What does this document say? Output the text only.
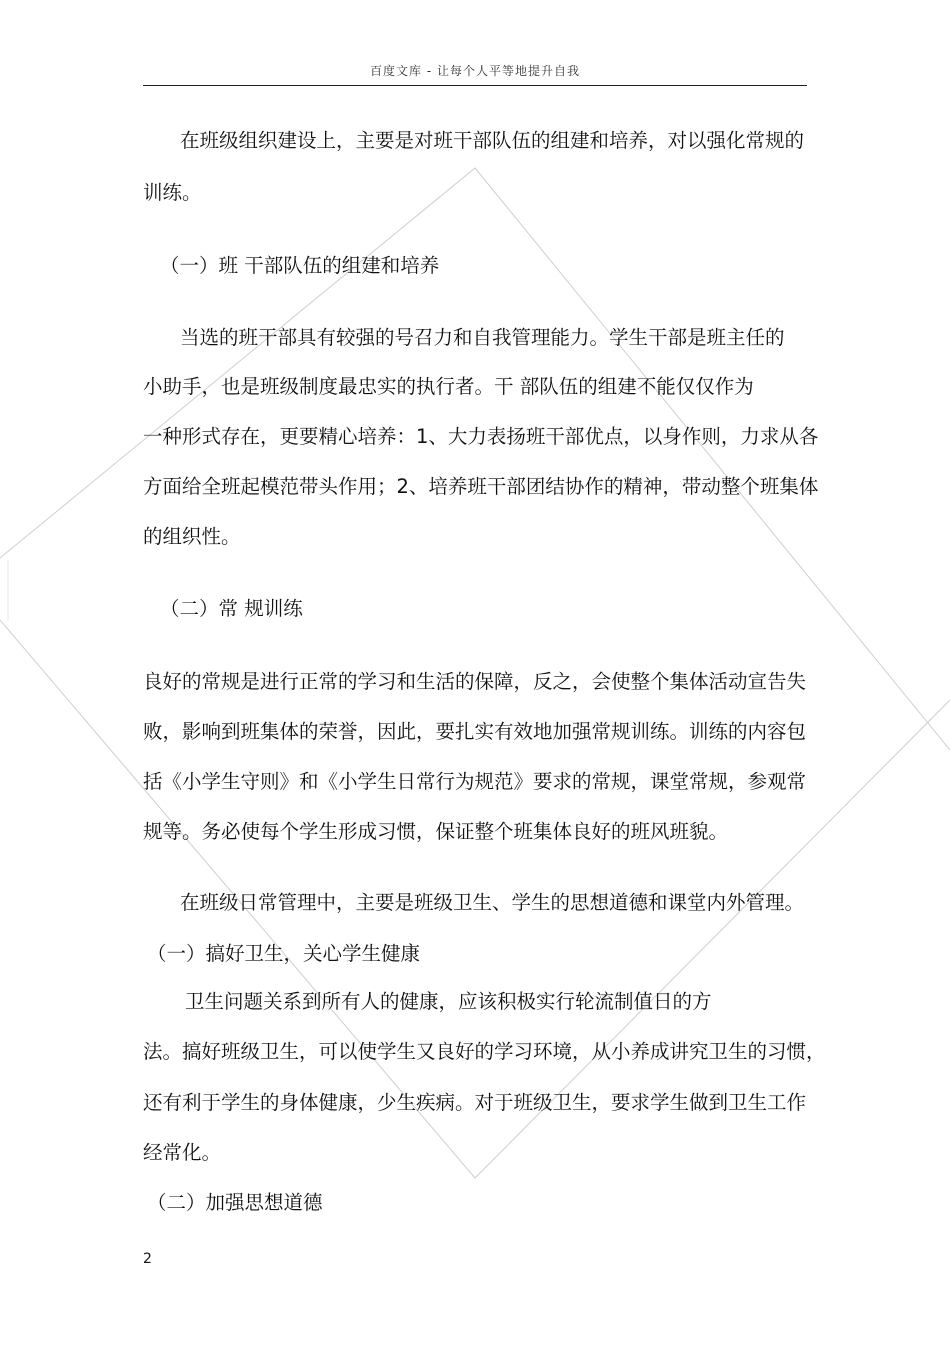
百度文库 - 让每个人平等地提升自我
在班级组织建设上，主要是对班干部队伍的组建和培养，对以强化常规的
训练。
（一）班 干部队伍的组建和培养
当选的班干部具有较强的号召力和自我管理能力。学生干部是班主任的
小助手，也是班级制度最忠实的执行者。干 部队伍的组建不能仅仅作为
一种形式存在，更要精心培养：1、大力表扬班干部优点，以身作则，力求从各
方面给全班起模范带头作用；2、培养班干部团结协作的精神，带动整个班集体
的组织性。
（二）常 规训练
良好的常规是进行正常的学习和生活的保障，反之，会使整个集体活动宣告失
败，影响到班集体的荣誉，因此，要扎实有效地加强常规训练。训练的内容包
括《小学生守则》和《小学生日常行为规范》要求的常规，课堂常规，参观常
规等。务必使每个学生形成习惯，保证整个班集体良好的班风班貌。
在班级日常管理中，主要是班级卫生、学生的思想道德和课堂内外管理。
（一）搞好卫生，关心学生健康
卫生问题关系到所有人的健康，应该积极实行轮流制值日的方
法。搞好班级卫生，可以使学生又良好的学习环境，从小养成讲究卫生的习惯，
还有利于学生的身体健康，少生疾病。对于班级卫生，要求学生做到卫生工作
经常化。
（二）加强思想道德
2
